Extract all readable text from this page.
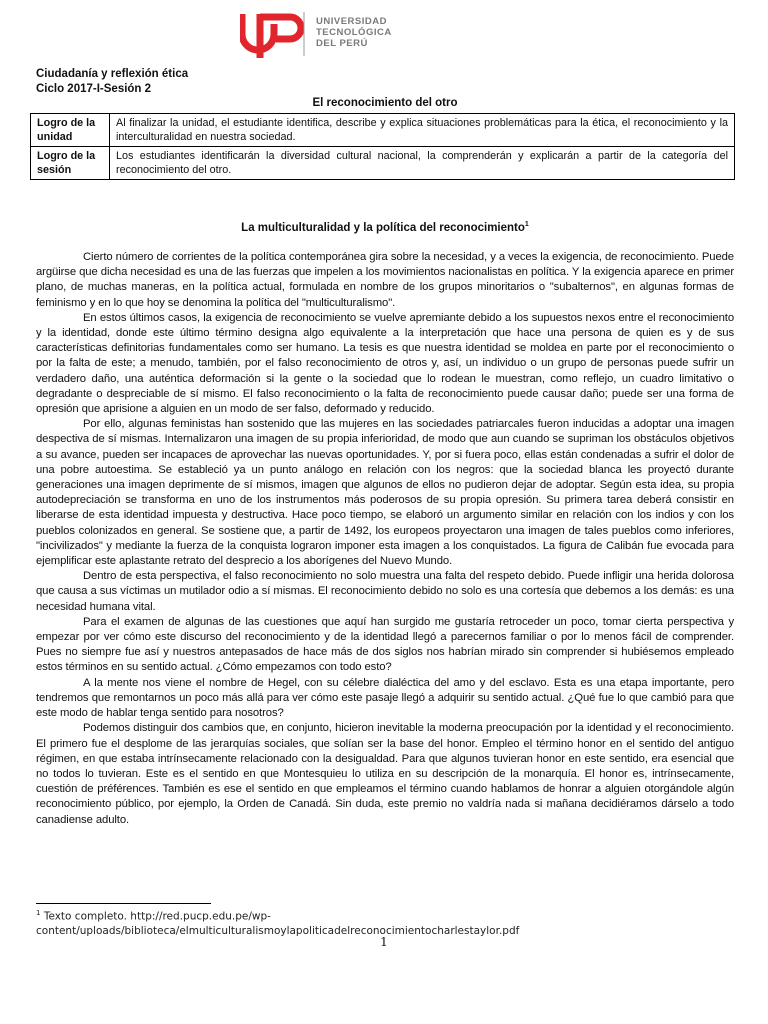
UNIVERSIDAD
TECNOLÓGICA
DEL PERÚ
Ciudadanía y reflexión ética
Ciclo 2017-I-Sesión 2
El reconocimiento del otro
Logro de la unidad	Al finalizar la unidad, el estudiante identifica, describe y explica situaciones problemáticas para la ética, el reconocimiento y la interculturalidad en nuestra sociedad.
Logro de la sesión	Los estudiantes identificarán la diversidad cultural nacional, la comprenderán y explicarán a partir de la categoría del reconocimiento del otro.
La multiculturalidad y la política del reconocimiento$^1$

Cierto número de corrientes de la política contemporánea gira sobre la necesidad, y a veces la exigencia, de reconocimiento. Puede argüirse que dicha necesidad es una de las fuerzas que impelen a los movimientos nacionalistas en política. Y la exigencia aparece en primer plano, de muchas maneras, en la política actual, formulada en nombre de los grupos minoritarios o "subalternos", en algunas formas de feminismo y en lo que hoy se denomina la política del "multiculturalismo".

En estos últimos casos, la exigencia de reconocimiento se vuelve apremiante debido a los supuestos nexos entre el reconocimiento y la identidad, donde este último término designa algo equivalente a la interpretación que hace una persona de quien es y de sus características definitorias fundamentales como ser humano. La tesis es que nuestra identidad se moldea en parte por el reconocimiento o por la falta de este; a menudo, también, por el falso reconocimiento de otros y, así, un individuo o un grupo de personas puede sufrir un verdadero daño, una auténtica deformación si la gente o la sociedad que lo rodean le muestran, como reflejo, un cuadro limitativo o degradante o despreciable de sí mismo. El falso reconocimiento o la falta de reconocimiento puede causar daño; puede ser una forma de opresión que aprisione a alguien en un modo de ser falso, deformado y reducido.

Por ello, algunas feministas han sostenido que las mujeres en las sociedades patriarcales fueron inducidas a adoptar una imagen despectiva de sí mismas. Internalizaron una imagen de su propia inferioridad, de modo que aun cuando se supriman los obstáculos objetivos a su avance, pueden ser incapaces de aprovechar las nuevas oportunidades. Y, por si fuera poco, ellas están condenadas a sufrir el dolor de una pobre autoestima. Se estableció ya un punto análogo en relación con los negros: que la sociedad blanca les proyectó durante generaciones una imagen deprimente de sí mismos, imagen que algunos de ellos no pudieron dejar de adoptar. Según esta idea, su propia autodepreciación se transforma en uno de los instrumentos más poderosos de su propia opresión. Su primera tarea deberá consistir en liberarse de esta identidad impuesta y destructiva. Hace poco tiempo, se elaboró un argumento similar en relación con los indios y con los pueblos colonizados en general. Se sostiene que, a partir de 1492, los europeos proyectaron una imagen de tales pueblos como inferiores, "incivilizados" y mediante la fuerza de la conquista lograron imponer esta imagen a los conquistados. La figura de Calibán fue evocada para ejemplificar este aplastante retrato del desprecio a los aborígenes del Nuevo Mundo.

Dentro de esta perspectiva, el falso reconocimiento no solo muestra una falta del respeto debido. Puede infligir una herida dolorosa que causa a sus víctimas un mutilador odio a sí mismas. El reconocimiento debido no solo es una cortesía que debemos a los demás: es una necesidad humana vital.

Para el examen de algunas de las cuestiones que aquí han surgido me gustaría retroceder un poco, tomar cierta perspectiva y empezar por ver cómo este discurso del reconocimiento y de la identidad llegó a parecernos familiar o por lo menos fácil de comprender. Pues no siempre fue así y nuestros antepasados de hace más de dos siglos nos habrían mirado sin comprender si hubiésemos empleado estos términos en su sentido actual. ¿Cómo empezamos con todo esto?

A la mente nos viene el nombre de Hegel, con su célebre dialéctica del amo y del esclavo. Esta es una etapa importante, pero tendremos que remontarnos un poco más allá para ver cómo este pasaje llegó a adquirir su sentido actual. ¿Qué fue lo que cambió para que este modo de hablar tenga sentido para nosotros?

Podemos distinguir dos cambios que, en conjunto, hicieron inevitable la moderna preocupación por la identidad y el reconocimiento. El primero fue el desplome de las jerarquías sociales, que solían ser la base del honor. Empleo el término honor en el sentido del antiguo régimen, en que estaba intrínsecamente relacionado con la desigualdad. Para que algunos tuvieran honor en este sentido, era esencial que no todos lo tuvieran. Este es el sentido en que Montesquieu lo utiliza en su descripción de la monarquía. El honor es, intrínsecamente, cuestión de préférences. También es ese el sentido en que empleamos el término cuando hablamos de honrar a alguien otorgándole algún reconocimiento público, por ejemplo, la Orden de Canadá. Sin duda, este premio no valdría nada si mañana decidiéramos dárselo a todo canadiense adulto.

$^1$ Texto completo. http://red.pucp.edu.pe/wp-content/uploads/biblioteca/elmulticulturalismoylapoliticadelreconocimientocharlestaylor.pdf
1
